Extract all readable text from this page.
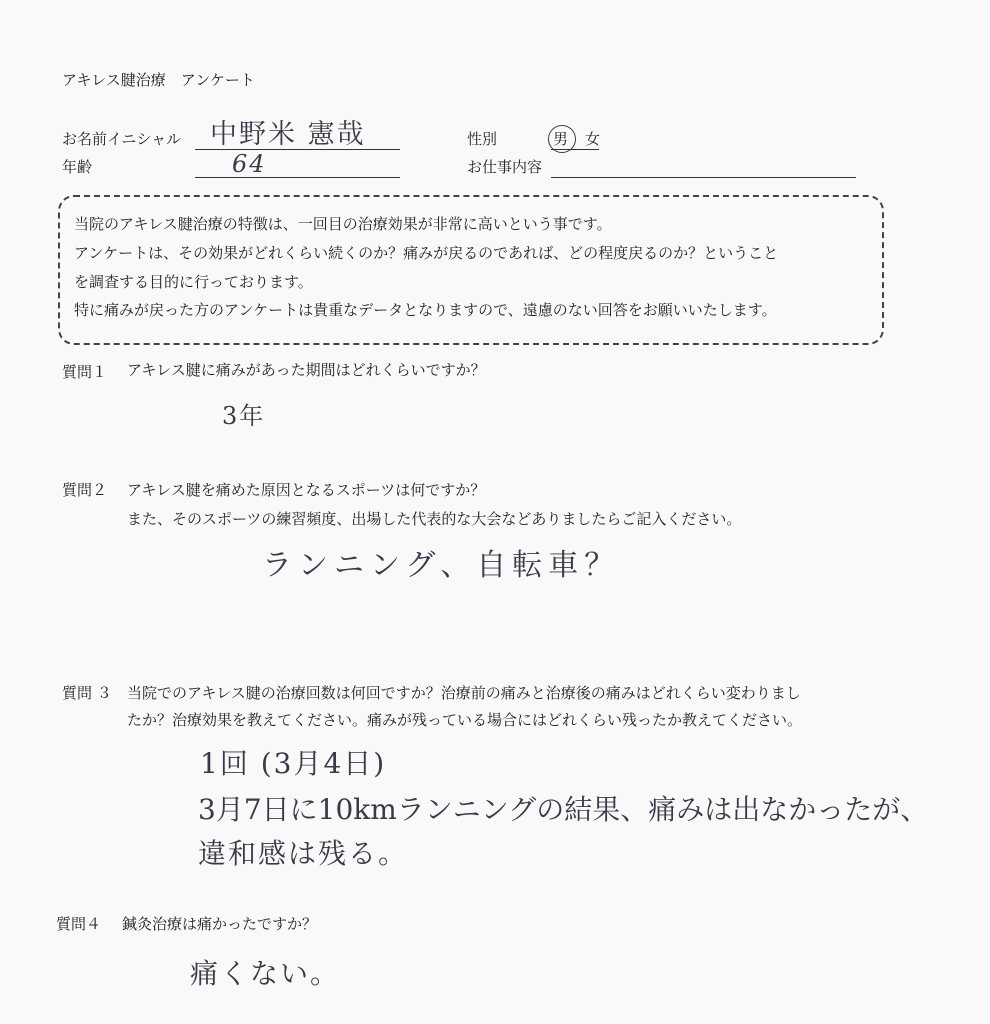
アキレス腱治療　アンケート
お名前イニシャル 中野米 憲哉
年齢	64
性別	男 女
お仕事内容
当院のアキレス腱治療の特徴は、一回目の治療効果が非常に高いという事です。
アンケートは、その効果がどれくらい続くのか？痛みが戻るのであれば、どの程度戻るのか？ということ
を調査する目的に行っております。
特に痛みが戻った方のアンケートは貴重なデータとなりますので、遠慮のない回答をお願いいたします。
質問１ アキレス腱に痛みがあった期間はどれくらいですか？
3年
質問２ アキレス腱を痛めた原因となるスポーツは何ですか？
また、そのスポーツの練習頻度、出場した代表的な大会などありましたらご記入ください。
ランニング、自転車？
質問 ３ 当院でのアキレス腱の治療回数は何回ですか？治療前の痛みと治療後の痛みはどれくらい変わりまし
たか？治療効果を教えてください。痛みが残っている場合にはどれくらい残ったか教えてください。
1回 (3月4日)
3月7日に10kmランニングの結果、痛みは出なかったが、
違和感は残る。
質問４ 鍼灸治療は痛かったですか？
痛くない。
